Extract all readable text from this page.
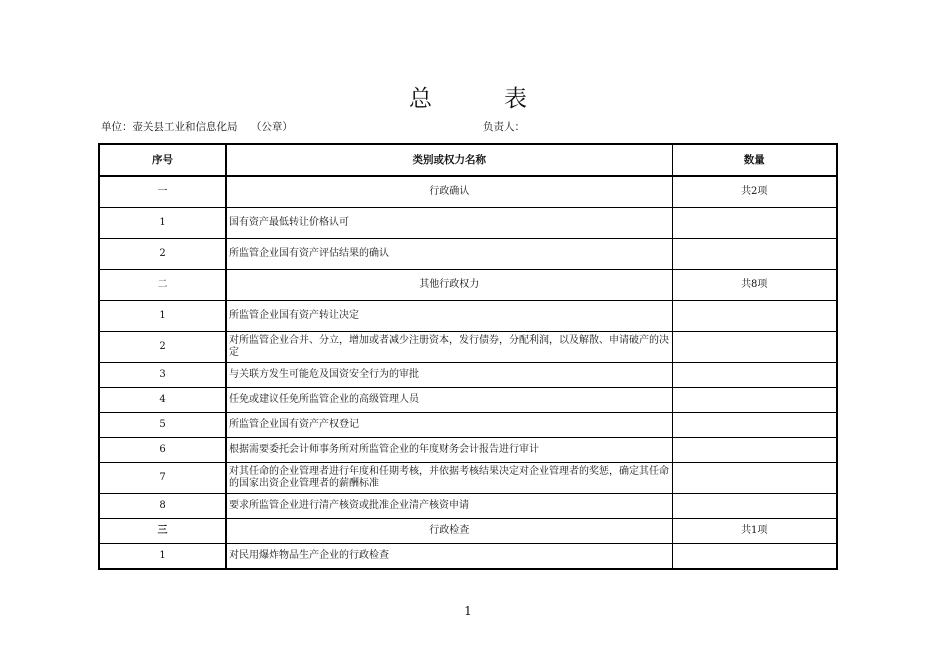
总	表
单位：壶关县工业和信息化局    （公章）	负责人：
序号	类别或权力名称	数量
一	行政确认	共2项
1	国有资产最低转让价格认可	
2	所监管企业国有资产评估结果的确认	
二	其他行政权力	共8项
1	所监管企业国有资产转让决定	
2	对所监管企业合并、分立，增加或者减少注册资本，发行债券，分配利润，以及解散、申请破产的决定	
3	与关联方发生可能危及国资安全行为的审批	
4	任免或建议任免所监管企业的高级管理人员	
5	所监管企业国有资产产权登记	
6	根据需要委托会计师事务所对所监管企业的年度财务会计报告进行审计	
7	对其任命的企业管理者进行年度和任期考核，并依据考核结果决定对企业管理者的奖惩，确定其任命的国家出资企业管理者的薪酬标准	
8	要求所监管企业进行清产核资或批准企业清产核资申请	
三	行政检查	共1项
1	对民用爆炸物品生产企业的行政检查	
1
